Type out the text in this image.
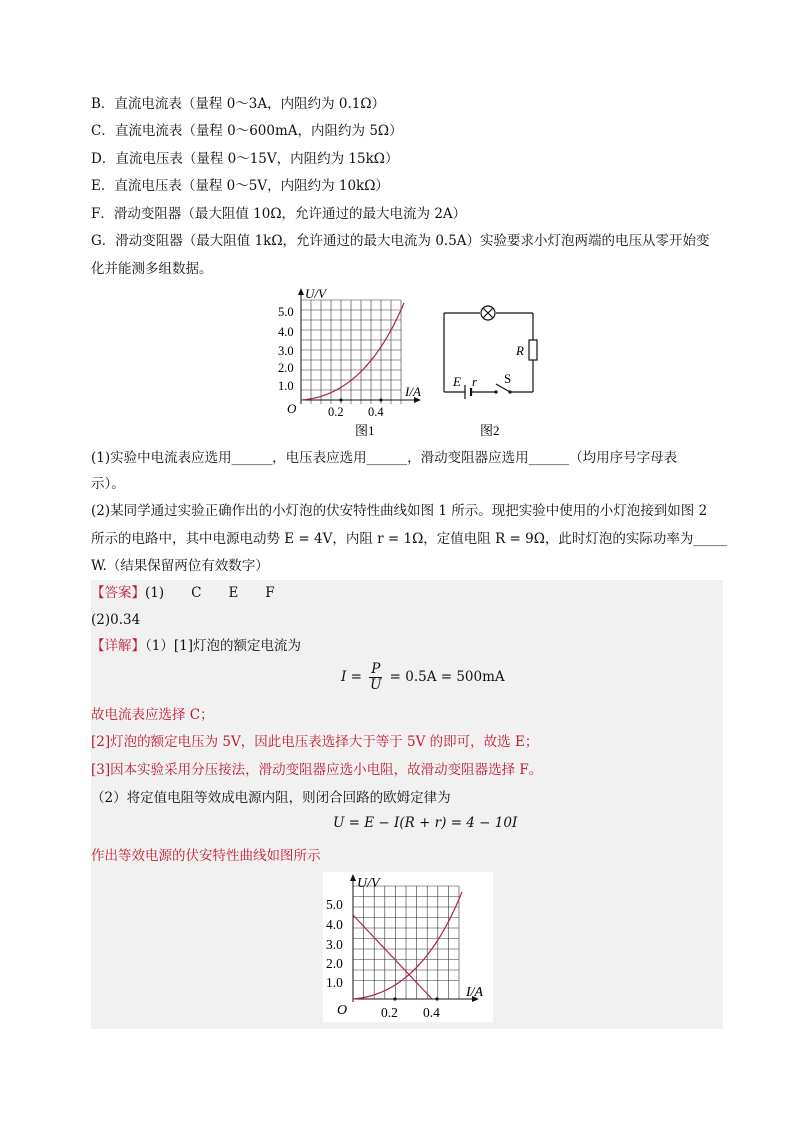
B．直流电流表（量程 0～3A，内阻约为 0.1Ω）
C．直流电流表（量程 0～600mA，内阻约为 5Ω）
D．直流电压表（量程 0～15V，内阻约为 15kΩ）
E．直流电压表（量程 0～5V，内阻约为 10kΩ）
F．滑动变阻器（最大阻值 10Ω，允许通过的最大电流为 2A）
G．滑动变阻器（最大阻值 1kΩ，允许通过的最大电流为 0.5A）实验要求小灯泡两端的电压从零开始变
化并能测多组数据。
U/V
5.0
4.0
3.0
2.0
1.0	I/A
O	0.2 0.4
图1
R
E r S
图2
(1)实验中电流表应选用______，电压表应选用______，滑动变阻器应选用______（均用序号字母表
示）。
(2)某同学通过实验正确作出的小灯泡的伏安特性曲线如图 1 所示。现把实验中使用的小灯泡接到如图 2
所示的电路中，其中电源电动势 E = 4V，内阻 r = 1Ω，定值电阻 R = 9Ω，此时灯泡的实际功率为_____
W.（结果保留两位有效数字）
【答案】(1)　　C　　E　　F
(2)0.34
【详解】（1）[1]灯泡的额定电流为
$I = \frac{P}{U} = 0.5A = 500mA$
故电流表应选择 C；
[2]灯泡的额定电压为 5V，因此电压表选择大于等于 5V 的即可，故选 E；
[3]因本实验采用分压接法，滑动变阻器应选小电阻，故滑动变阻器选择 F。
（2）将定值电阻等效成电源内阻，则闭合回路的欧姆定律为
U = E − I(R + r) = 4 − 10I
作出等效电源的伏安特性曲线如图所示
U/V
5.0
4.0
3.0
2.0
1.0
I/A
O	0.2 0.4
